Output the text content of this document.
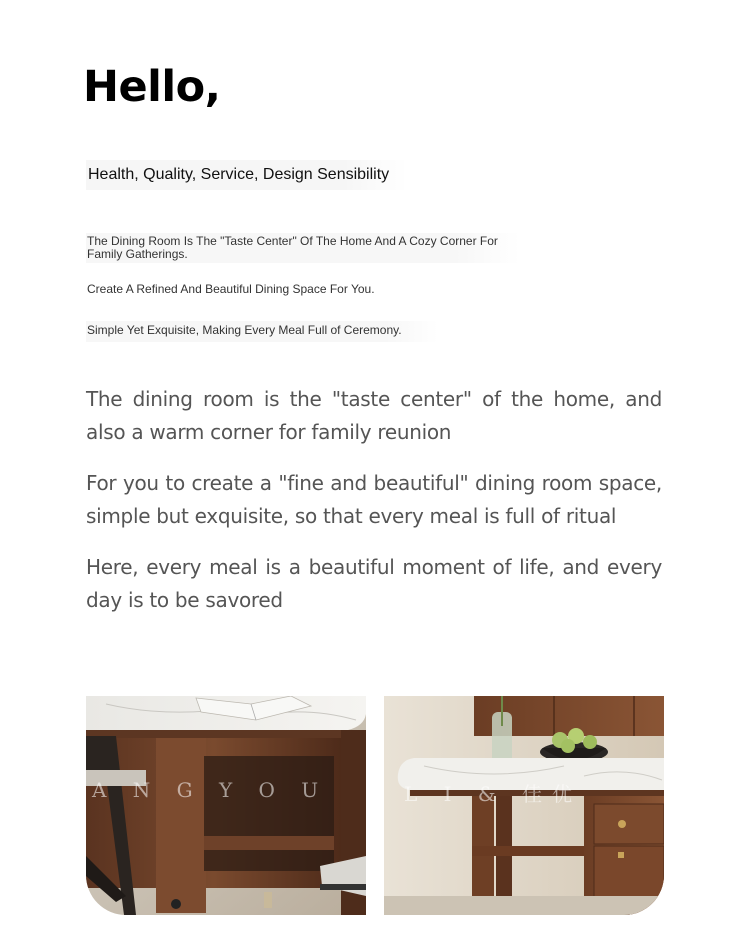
Hello,
Health, Quality, Service, Design Sensibility
The Dining Room Is The "Taste Center" Of The Home And A Cozy Corner For Family Gatherings.
Create A Refined And Beautiful Dining Space For You.
Simple Yet Exquisite, Making Every Meal Full of Ceremony.

The dining room is the "taste center" of the home, and also a warm corner for family reunion

For you to create a "fine and beautiful" dining room space, simple but exquisite, so that every meal is full of ritual

Here, every meal is a beautiful moment of life, and every day is to be savored

A N G Y O U	L I & 佳优
